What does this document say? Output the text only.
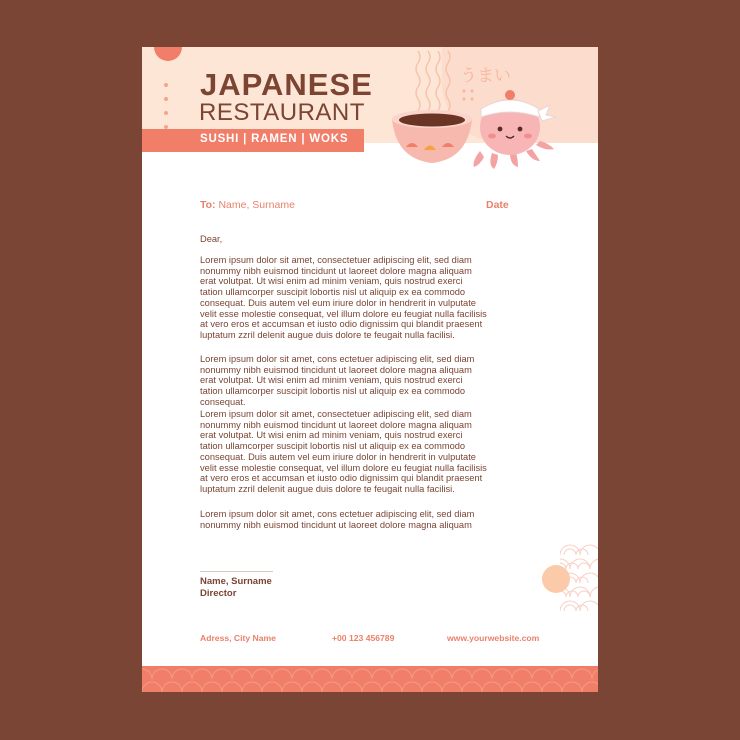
JAPANESE
RESTAURANT
SUSHI | RAMEN | WOKS
うまい
To: Name, Surname	Date
Dear,
Lorem ipsum dolor sit amet, consectetuer adipiscing elit, sed diam
nonummy nibh euismod tincidunt ut laoreet dolore magna aliquam
erat volutpat. Ut wisi enim ad minim veniam, quis nostrud exerci
tation ullamcorper suscipit lobortis nisl ut aliquip ex ea commodo
consequat. Duis autem vel eum iriure dolor in hendrerit in vulputate
velit esse molestie consequat, vel illum dolore eu feugiat nulla facilisis
at vero eros et accumsan et iusto odio dignissim qui blandit praesent
luptatum zzril delenit augue duis dolore te feugait nulla facilisi.
Lorem ipsum dolor sit amet, cons ectetuer adipiscing elit, sed diam
nonummy nibh euismod tincidunt ut laoreet dolore magna aliquam
erat volutpat. Ut wisi enim ad minim veniam, quis nostrud exerci
tation ullamcorper suscipit lobortis nisl ut aliquip ex ea commodo
consequat.
Lorem ipsum dolor sit amet, consectetuer adipiscing elit, sed diam
nonummy nibh euismod tincidunt ut laoreet dolore magna aliquam
erat volutpat. Ut wisi enim ad minim veniam, quis nostrud exerci
tation ullamcorper suscipit lobortis nisl ut aliquip ex ea commodo
consequat. Duis autem vel eum iriure dolor in hendrerit in vulputate
velit esse molestie consequat, vel illum dolore eu feugiat nulla facilisis
at vero eros et accumsan et iusto odio dignissim qui blandit praesent
luptatum zzril delenit augue duis dolore te feugait nulla facilisi.
Lorem ipsum dolor sit amet, cons ectetuer adipiscing elit, sed diam
nonummy nibh euismod tincidunt ut laoreet dolore magna aliquam
Name, Surname
Director
Adress, City Name	+00 123 456789	www.yourwebsite.com
